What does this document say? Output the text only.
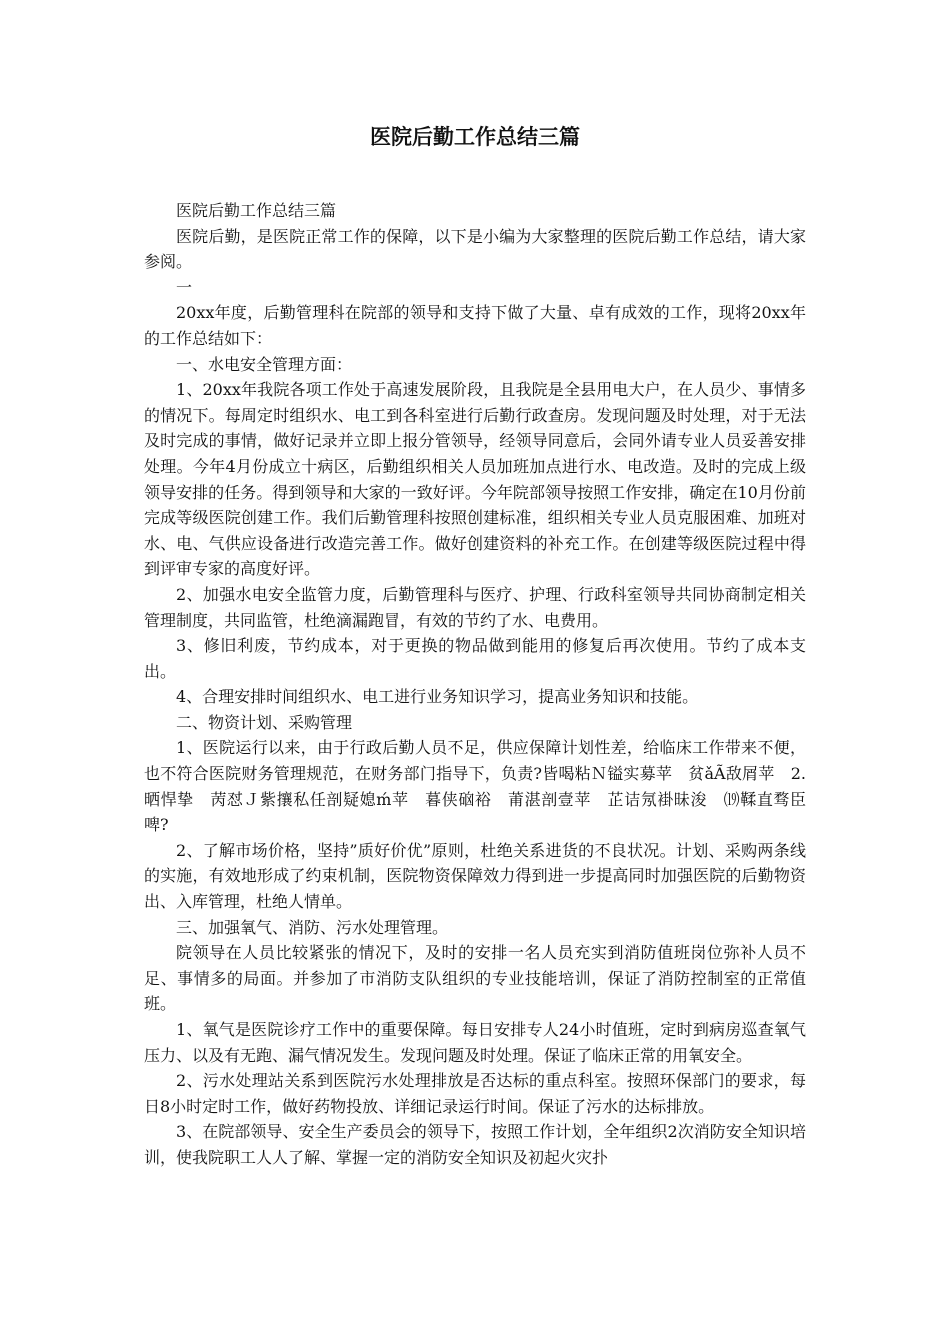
医院后勤工作总结三篇

医院后勤工作总结三篇

医院后勤，是医院正常工作的保障，以下是小编为大家整理的医院后勤工作总结，请大家参阅。

一

20xx年度，后勤管理科在院部的领导和支持下做了大量、卓有成效的工作，现将20xx年的工作总结如下：

一、水电安全管理方面：

1、20xx年我院各项工作处于高速发展阶段，且我院是全县用电大户，在人员少、事情多的情况下。每周定时组织水、电工到各科室进行后勤行政查房。发现问题及时处理，对于无法及时完成的事情，做好记录并立即上报分管领导，经领导同意后，会同外请专业人员妥善安排处理。今年4月份成立十病区，后勤组织相关人员加班加点进行水、电改造。及时的完成上级领导安排的任务。得到领导和大家的一致好评。今年院部领导按照工作安排，确定在10月份前完成等级医院创建工作。我们后勤管理科按照创建标准，组织相关专业人员克服困难、加班对水、电、气供应设备进行改造完善工作。做好创建资料的补充工作。在创建等级医院过程中得到评审专家的高度好评。

2、加强水电安全监管力度，后勤管理科与医疗、护理、行政科室领导共同协商制定相关管理制度，共同监管，杜绝滴漏跑冒，有效的节约了水、电费用。

3、修旧利废，节约成本，对于更换的物品做到能用的修复后再次使用。节约了成本支出。

4、合理安排时间组织水、电工进行业务知识学习，提高业务知识和技能。

二、物资计划、采购管理

1、医院运行以来，由于行政后勤人员不足，供应保障计划性差，给临床工作带来不便，也不符合医院财务管理规范，在财务部门指导下，负责?皆喝粘Ｎ镒实募苹　贫ǎÃ敌屑苹　2.晒悍挚　苪怼Ｊ紫攘私任剖疑媳ḿ苹　暮侠硇裕　莆湛剖壹苹　芷诘氖褂昧浚　⒆鞣直骛臣啤?

2、了解市场价格，坚持”质好价优”原则，杜绝关系进货的不良状况。计划、采购两条线的实施，有效地形成了约束机制，医院物资保障效力得到进一步提高同时加强医院的后勤物资出、入库管理，杜绝人情单。

三、加强氧气、消防、污水处理管理。

院领导在人员比较紧张的情况下，及时的安排一名人员充实到消防值班岗位弥补人员不足、事情多的局面。并参加了市消防支队组织的专业技能培训，保证了消防控制室的正常值班。

1、氧气是医院诊疗工作中的重要保障。每日安排专人24小时值班，定时到病房巡查氧气压力、以及有无跑、漏气情况发生。发现问题及时处理。保证了临床正常的用氧安全。

2、污水处理站关系到医院污水处理排放是否达标的重点科室。按照环保部门的要求，每日8小时定时工作，做好药物投放、详细记录运行时间。保证了污水的达标排放。

3、在院部领导、安全生产委员会的领导下，按照工作计划，全年组织2次消防安全知识培训，使我院职工人人了解、掌握一定的消防安全知识及初起火灾扑
